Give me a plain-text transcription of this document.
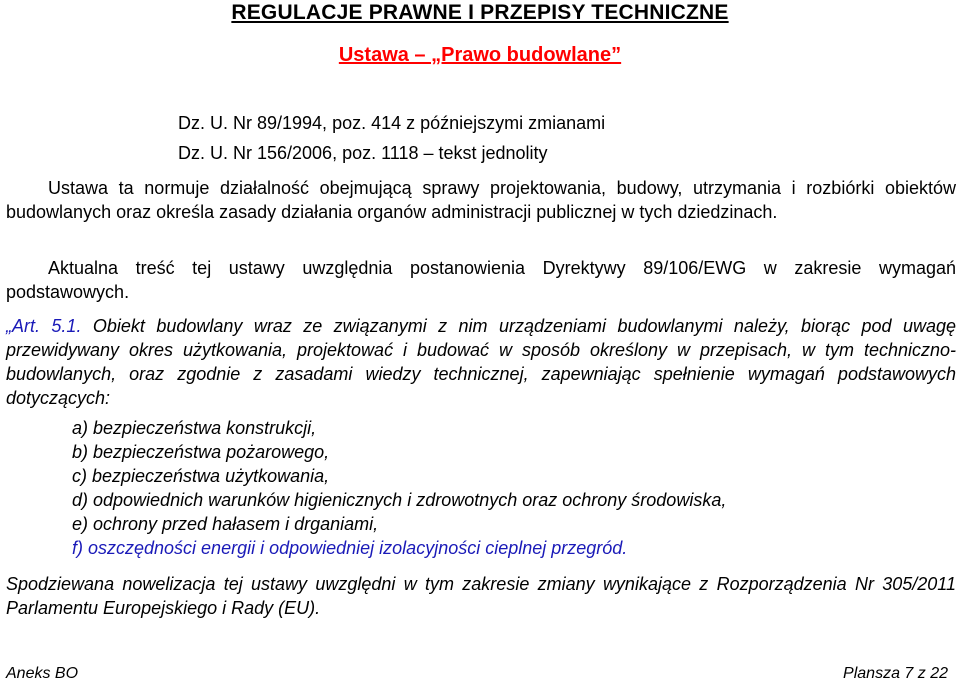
REGULACJE PRAWNE I PRZEPISY TECHNICZNE
Ustawa – „Prawo budowlane”
Dz. U. Nr 89/1994, poz. 414 z późniejszymi zmianami
Dz. U. Nr 156/2006, poz. 1118 – tekst jednolity
Ustawa ta normuje działalność obejmującą sprawy projektowania, budowy, utrzymania i rozbiórki obiektów budowlanych oraz określa zasady działania organów administracji publicznej w tych dziedzinach.
Aktualna treść tej ustawy uwzględnia postanowienia Dyrektywy 89/106/EWG w zakresie wymagań podstawowych.
„Art. 5.1. Obiekt budowlany wraz ze związanymi z nim urządzeniami budowlanymi należy, biorąc pod uwagę przewidywany okres użytkowania, projektować i budować w sposób określony w przepisach, w tym techniczno-budowlanych, oraz zgodnie z zasadami wiedzy technicznej, zapewniając spełnienie wymagań podstawowych dotyczących:
a) bezpieczeństwa konstrukcji,
b) bezpieczeństwa pożarowego,
c) bezpieczeństwa użytkowania,
d) odpowiednich warunków higienicznych i zdrowotnych oraz ochrony środowiska,
e) ochrony przed hałasem i drganiami,
f) oszczędności energii i odpowiedniej izolacyjności cieplnej przegród.
Spodziewana nowelizacja tej ustawy uwzględni w tym zakresie zmiany wynikające z Rozporządzenia Nr 305/2011 Parlamentu Europejskiego i Rady (EU).
Aneks BO	Plansza 7 z 22
